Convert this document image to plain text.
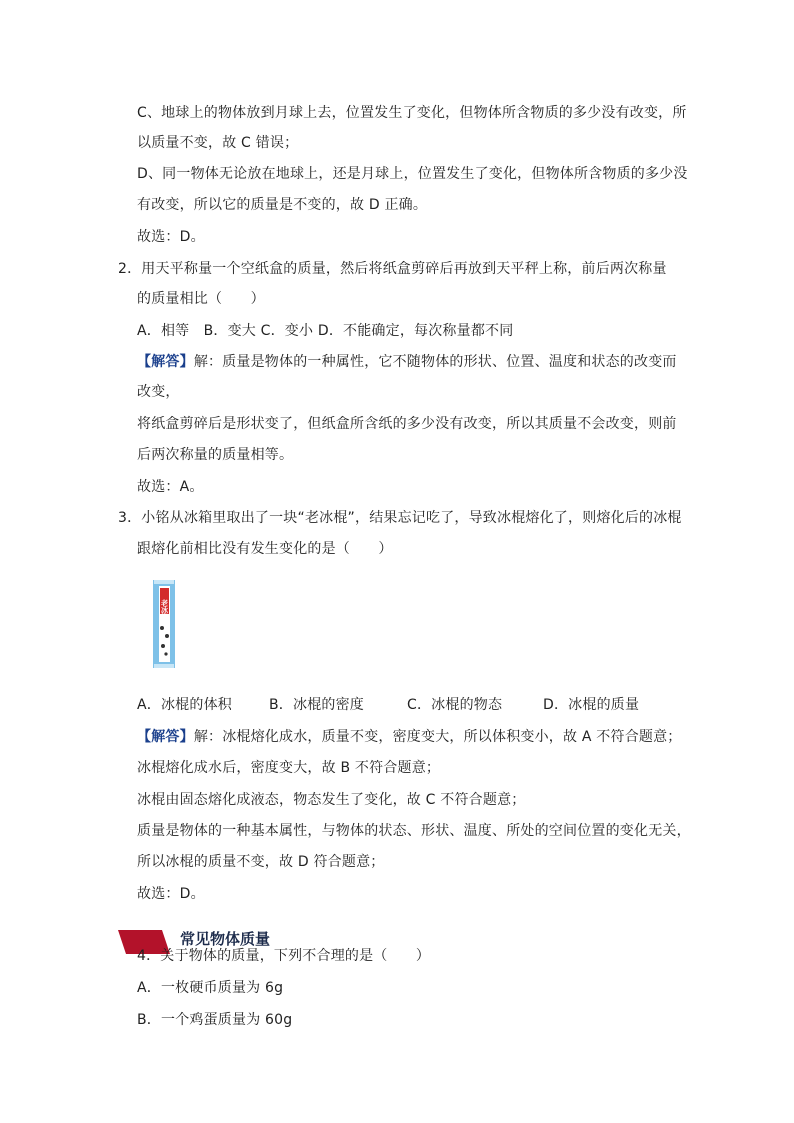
C、地球上的物体放到月球上去，位置发生了变化，但物体所含物质的多少没有改变，所
以质量不变，故 C 错误；
D、同一物体无论放在地球上，还是月球上，位置发生了变化，但物体所含物质的多少没
有改变，所以它的质量是不变的，故 D 正确。
故选：D。
2．用天平称量一个空纸盒的质量，然后将纸盒剪碎后再放到天平秤上称，前后两次称量
的质量相比（　　）
A．相等　B．变大 C．变小 D．不能确定，每次称量都不同
【解答】解：质量是物体的一种属性，它不随物体的形状、位置、温度和状态的改变而
改变，
将纸盒剪碎后是形状变了，但纸盒所含纸的多少没有改变，所以其质量不会改变，则前
后两次称量的质量相等。
故选：A。
3．小铭从冰箱里取出了一块“老冰棍”，结果忘记吃了，导致冰棍熔化了，则熔化后的冰棍
跟熔化前相比没有发生变化的是（　　）
老冰棍
A．冰棍的体积	B．冰棍的密度	C．冰棍的物态	D．冰棍的质量
【解答】解：冰棍熔化成水，质量不变，密度变大，所以体积变小，故 A 不符合题意；
冰棍熔化成水后，密度变大，故 B 不符合题意；
冰棍由固态熔化成液态，物态发生了变化，故 C 不符合题意；
质量是物体的一种基本属性，与物体的状态、形状、温度、所处的空间位置的变化无关，
所以冰棍的质量不变，故 D 符合题意；
故选：D。
常见物体质量
4．关于物体的质量，下列不合理的是（　　）
A．一枚硬币质量为 6g
B．一个鸡蛋质量为 60g
